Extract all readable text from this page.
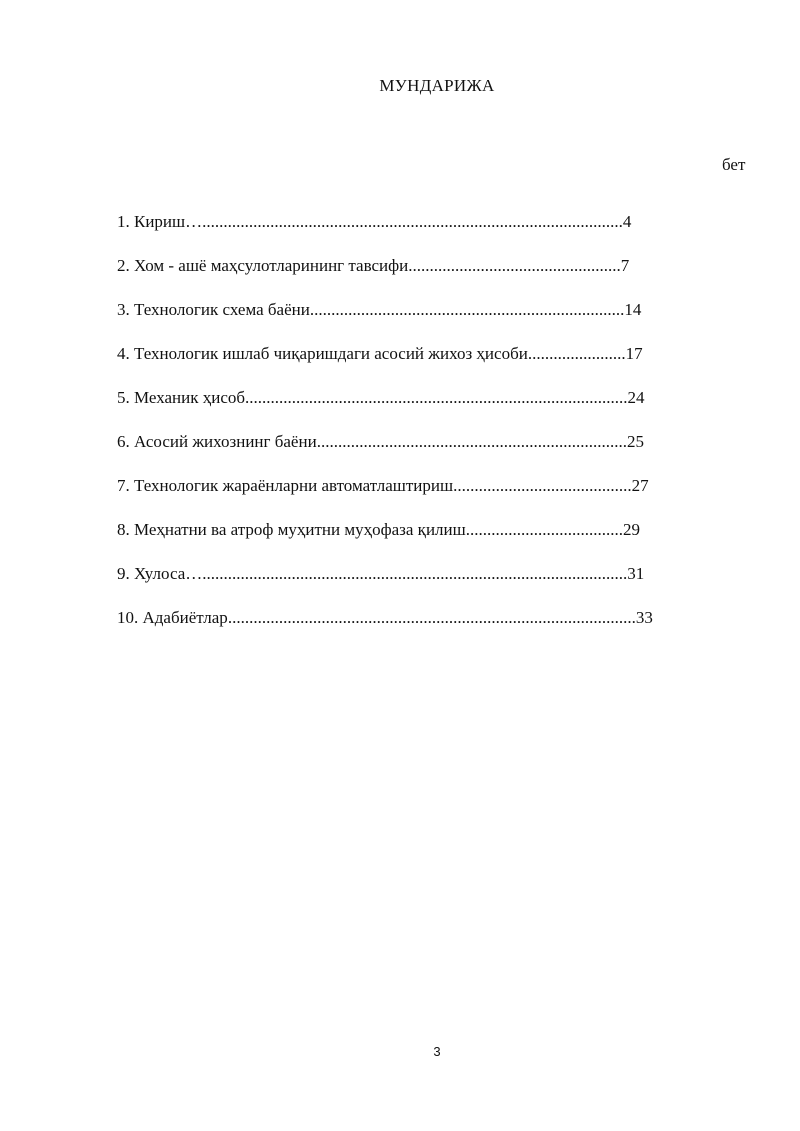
МУНДАРИЖА
бет
1. Кириш…...................................................................................................4
2. Хом - ашё маҳсулотларининг тавсифи..................................................7
3. Технологик схема баёни..........................................................................14
4. Технологик ишлаб чиқаришдаги асосий жихоз ҳисоби.......................17
5. Механик ҳисоб..........................................................................................24
6. Асосий жихознинг баёни.........................................................................25
7. Технологик жараёнларни автоматлаштириш..........................................27
8. Меҳнатни ва атроф муҳитни муҳофаза қилиш.....................................29
9. Хулоса…....................................................................................................31
10. Адабиётлар................................................................................................33
3
